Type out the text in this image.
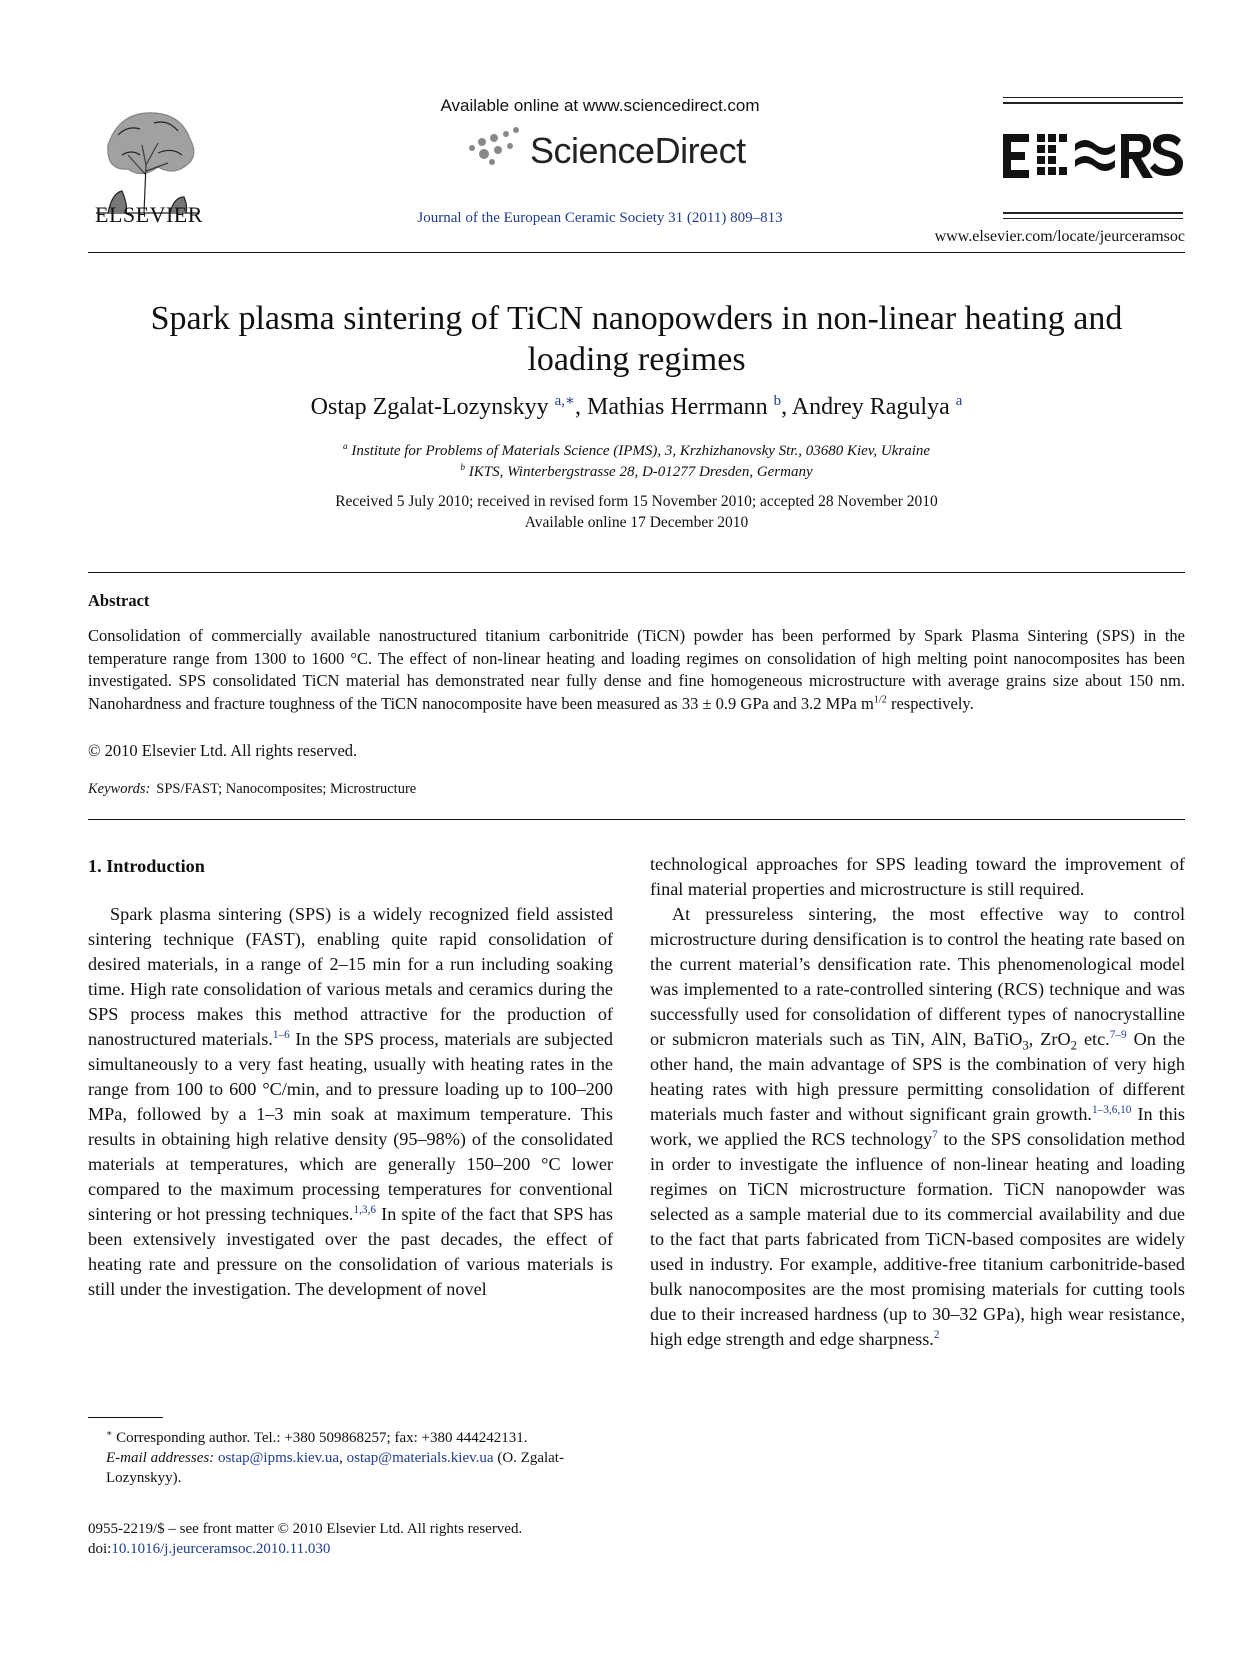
ELSEVIER
Available online at www.sciencedirect.com
ScienceDirect
Journal of the European Ceramic Society 31 (2011) 809–813
www.elsevier.com/locate/jeurceramsoc
Spark plasma sintering of TiCN nanopowders in non-linear heating and
loading regimes
Ostap Zgalat-Lozynskyy $^{a,∗}$, Mathias Herrmann $^b$, Andrey Ragulya $^a$
$^a$ Institute for Problems of Materials Science (IPMS), 3, Krzhizhanovsky Str., 03680 Kiev, Ukraine
$^b$ IKTS, Winterbergstrasse 28, D-01277 Dresden, Germany
Received 5 July 2010; received in revised form 15 November 2010; accepted 28 November 2010
Available online 17 December 2010
Abstract

Consolidation of commercially available nanostructured titanium carbonitride (TiCN) powder has been performed by Spark Plasma Sintering (SPS) in the temperature range from 1300 to 1600 °C. The effect of non-linear heating and loading regimes on consolidation of high melting point nanocomposites has been investigated. SPS consolidated TiCN material has demonstrated near fully dense and fine homogeneous microstructure with average grains size about 150 nm. Nanohardness and fracture toughness of the TiCN nanocomposite have been measured as 33 ± 0.9 GPa and 3.2 MPa $m^{1/2}$ respectively.

© 2010 Elsevier Ltd. All rights reserved.
Keywords: SPS/FAST; Nanocomposites; Microstructure
1. Introduction

Spark plasma sintering (SPS) is a widely recognized field assisted sintering technique (FAST), enabling quite rapid consolidation of desired materials, in a range of 2–15 min for a run including soaking time. High rate consolidation of various metals and ceramics during the SPS process makes this method attractive for the production of nanostructured materials.$^{1-6}$ In the SPS process, materials are subjected simultaneously to a very fast heating, usually with heating rates in the range from 100 to 600 °C/min, and to pressure loading up to 100–200 MPa, followed by a 1–3 min soak at maximum temperature. This results in obtaining high relative density (95–98%) of the consolidated materials at temperatures, which are generally 150–200 °C lower compared to the maximum processing temperatures for conventional sintering or hot pressing techniques.$^{1,3,6}$ In spite of the fact that SPS has been extensively investigated over the past decades, the effect of heating rate and pressure on the consolidation of various materials is still under the investigation. The development of novel

technological approaches for SPS leading toward the improvement of final material properties and microstructure is still required.

At pressureless sintering, the most effective way to control microstructure during densification is to control the heating rate based on the current material’s densification rate. This phenomenological model was implemented to a rate-controlled sintering (RCS) technique and was successfully used for consolidation of different types of nanocrystalline or submicron materials such as TiN, AlN, BaTiO$_3$, ZrO$_2$ etc.$^{7-9}$ On the other hand, the main advantage of SPS is the combination of very high heating rates with high pressure permitting consolidation of different materials much faster and without significant grain growth.$^{1-3,6,10}$ In this work, we applied the RCS technology$^7$ to the SPS consolidation method in order to investigate the influence of non-linear heating and loading regimes on TiCN microstructure formation. TiCN nanopowder was selected as a sample material due to its commercial availability and due to the fact that parts fabricated from TiCN-based composites are widely used in industry. For example, additive-free titanium carbonitride-based bulk nanocomposites are the most promising materials for cutting tools due to their increased hardness (up to 30–32 GPa), high wear resistance, high edge strength and edge sharpness.$^2$

∗ Corresponding author. Tel.: +380 509868257; fax: +380 444242131.
E-mail addresses: ostap@ipms.kiev.ua, ostap@materials.kiev.ua (O. Zgalat-Lozynskyy).
0955-2219/$ – see front matter © 2010 Elsevier Ltd. All rights reserved.
doi:10.1016/j.jeurceramsoc.2010.11.030
